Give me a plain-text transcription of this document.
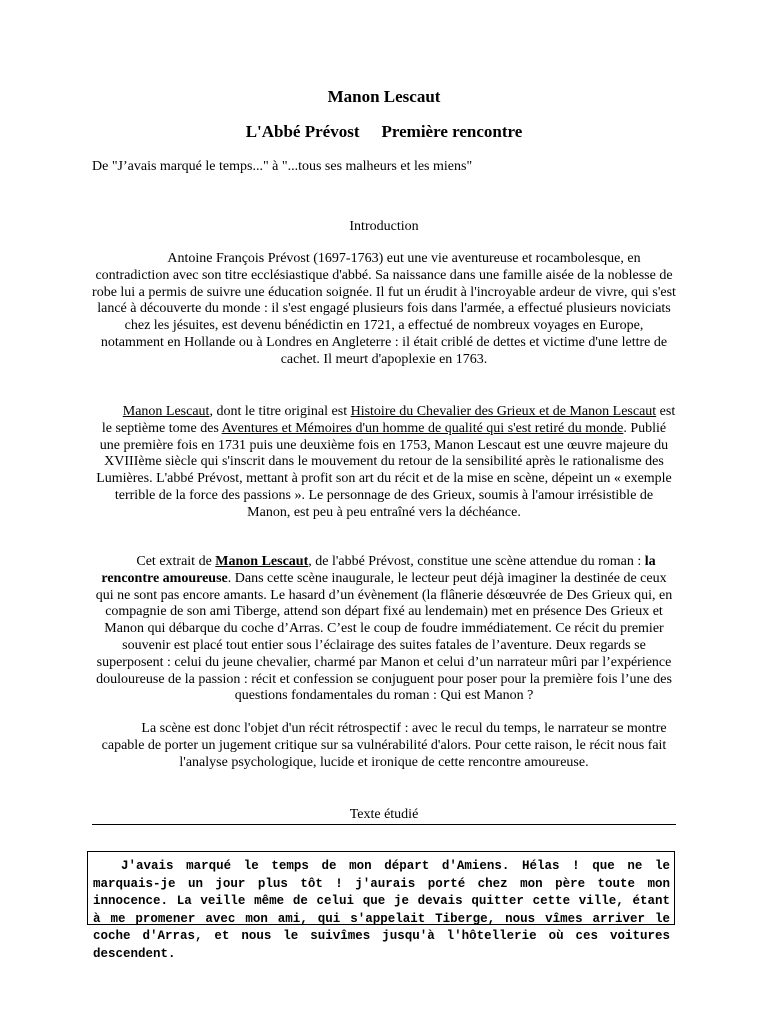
Manon Lescaut
L'Abbé Prévost Première rencontre
De "J’avais marqué le temps..." à "...tous ses malheurs et les miens"
Introduction

Antoine François Prévost (1697-1763) eut une vie aventureuse et rocambolesque, en contradiction avec son titre ecclésiastique d'abbé. Sa naissance dans une famille aisée de la noblesse de robe lui a permis de suivre une éducation soignée. Il fut un érudit à l'incroyable ardeur de vivre, qui s'est lancé à découverte du monde : il s'est engagé plusieurs fois dans l'armée, a effectué plusieurs noviciats chez les jésuites, est devenu bénédictin en 1721, a effectué de nombreux voyages en Europe, notamment en Hollande ou à Londres en Angleterre : il était criblé de dettes et victime d'une lettre de cachet. Il meurt d'apoplexie en 1763.

Manon Lescaut, dont le titre original est Histoire du Chevalier des Grieux et de Manon Lescaut est le septième tome des Aventures et Mémoires d'un homme de qualité qui s'est retiré du monde. Publié une première fois en 1731 puis une deuxième fois en 1753, Manon Lescaut est une œuvre majeure du XVIIIème siècle qui s'inscrit dans le mouvement du retour de la sensibilité après le rationalisme des Lumières. L'abbé Prévost, mettant à profit son art du récit et de la mise en scène, dépeint un « exemple terrible de la force des passions ». Le personnage de des Grieux, soumis à l'amour irrésistible de Manon, est peu à peu entraîné vers la déchéance.

Cet extrait de Manon Lescaut, de l'abbé Prévost, constitue une scène attendue du roman : la rencontre amoureuse. Dans cette scène inaugurale, le lecteur peut déjà imaginer la destinée de ceux qui ne sont pas encore amants. Le hasard d’un évènement (la flânerie désœuvrée de Des Grieux qui, en compagnie de son ami Tiberge, attend son départ fixé au lendemain) met en présence Des Grieux et Manon qui débarque du coche d’Arras. C’est le coup de foudre immédiatement. Ce récit du premier souvenir est placé tout entier sous l’éclairage des suites fatales de l’aventure. Deux regards se superposent : celui du jeune chevalier, charmé par Manon et celui d’un narrateur mûri par l’expérience douloureuse de la passion : récit et confession se conjuguent pour poser pour la première fois l’une des questions fondamentales du roman : Qui est Manon ?

La scène est donc l'objet d'un récit rétrospectif : avec le recul du temps, le narrateur se montre capable de porter un jugement critique sur sa vulnérabilité d'alors. Pour cette raison, le récit nous fait l'analyse psychologique, lucide et ironique de cette rencontre amoureuse.

Texte étudié

J'avais marqué le temps de mon départ d'Amiens. Hélas ! que ne le marquais-je un jour plus tôt ! j'aurais porté chez mon père toute mon innocence. La veille même de celui que je devais quitter cette ville, étant à me promener avec mon ami, qui s'appelait Tiberge, nous vîmes arriver le coche d'Arras, et nous le suivîmes jusqu'à l'hôtellerie où ces voitures descendent.
